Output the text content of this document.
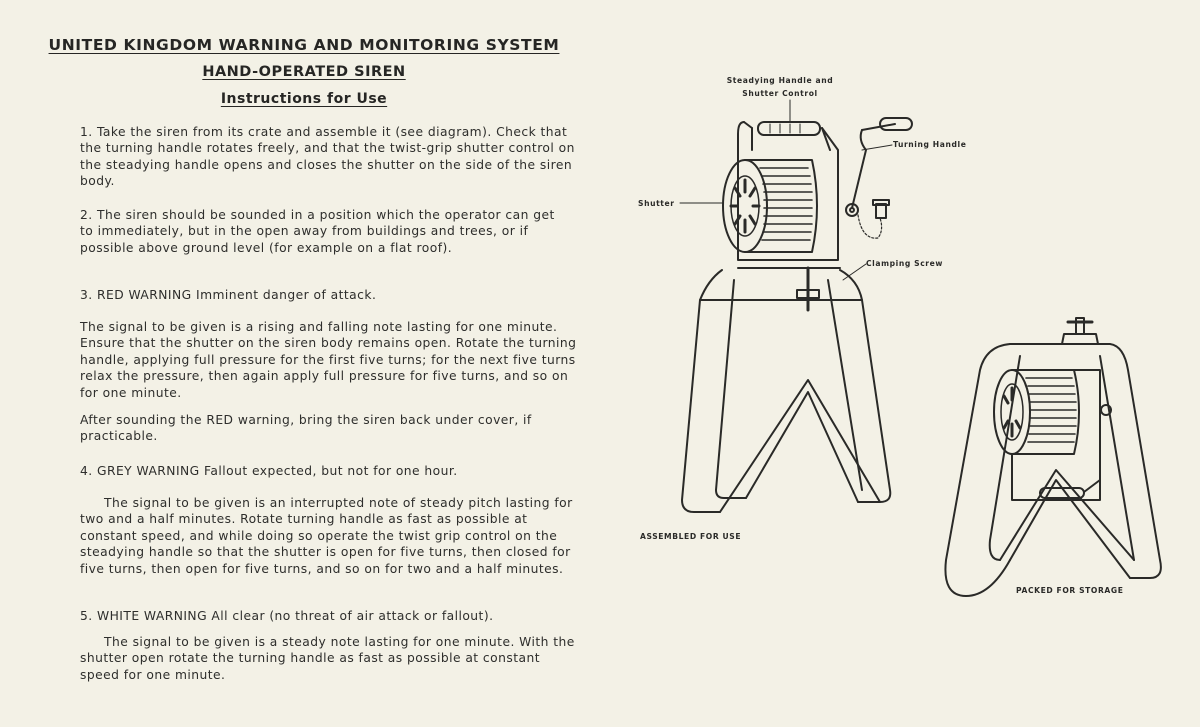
UNITED KINGDOM WARNING AND MONITORING SYSTEM
HAND-OPERATED SIREN
Instructions for Use
1. Take the siren from its crate and assemble it (see diagram). Check that the turning handle rotates freely, and that the twist-grip shutter control on the steadying handle opens and closes the shutter on the side of the siren body.
2. The siren should be sounded in a position which the operator can get to immediately, but in the open away from buildings and trees, or if possible above ground level (for example on a flat roof).
3. RED WARNING Imminent danger of attack.
The signal to be given is a rising and falling note lasting for one minute. Ensure that the shutter on the siren body remains open. Rotate the turning handle, applying full pressure for the first five turns; for the next five turns relax the pressure, then again apply full pressure for five turns, and so on for one minute.
After sounding the RED warning, bring the siren back under cover, if practicable.
4. GREY WARNING Fallout expected, but not for one hour.
The signal to be given is an interrupted note of steady pitch lasting for two and a half minutes. Rotate turning handle as fast as possible at constant speed, and while doing so operate the twist grip control on the steadying handle so that the shutter is open for five turns, then closed for five turns, then open for five turns, and so on for two and a half minutes.
5. WHITE WARNING All clear (no threat of air attack or fallout).
The signal to be given is a steady note lasting for one minute. With the shutter open rotate the turning handle as fast as possible at constant speed for one minute.
Steadying Handle and
Shutter Control
Turning Handle
Shutter
Clamping Screw
ASSEMBLED FOR USE
PACKED FOR STORAGE
